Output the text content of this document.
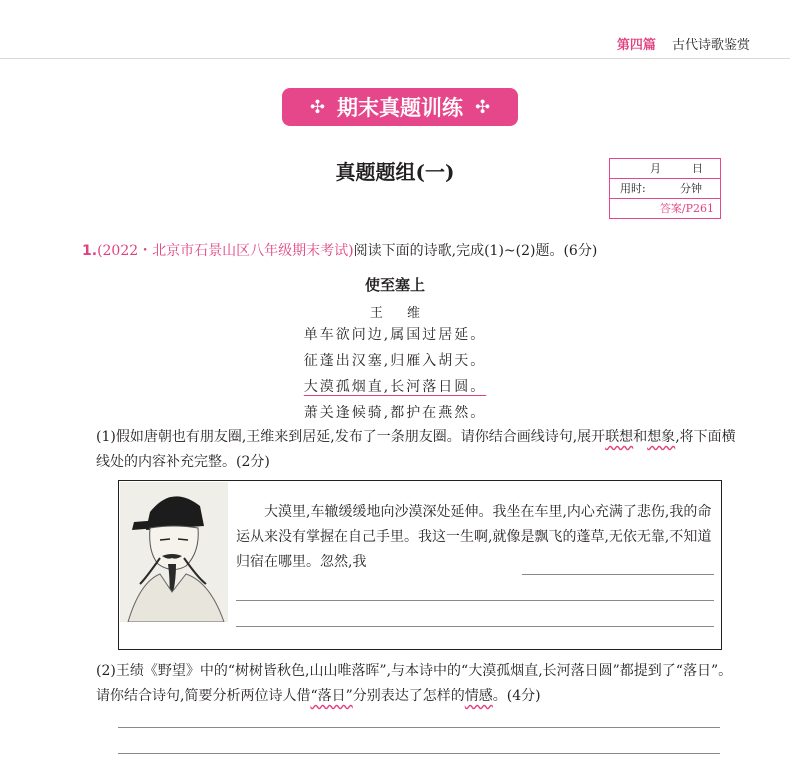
第四篇 古代诗歌鉴赏
✣ 期末真题训练 ✣
真题题组(一)	月	日
用时:	分钟
答案/P261
1.(2022・北京市石景山区八年级期末考试)阅读下面的诗歌,完成(1)~(2)题。(6分)
使至塞上
王 维
单车欲问边,属国过居延。
征蓬出汉塞,归雁入胡天。
大漠孤烟直,长河落日圆。
萧关逢候骑,都护在燕然。
(1)假如唐朝也有朋友圈,王维来到居延,发布了一条朋友圈。请你结合画线诗句,展开联想和想象,将下面横线处的内容补充完整。(2分)
大漠里,车辙缓缓地向沙漠深处延伸。我坐在车里,内心充满了悲伤,我的命运从来没有掌握在自己手里。我这一生啊,就像是飘飞的蓬草,无依无靠,不知道归宿在哪里。忽然,我
(2)王绩《野望》中的“树树皆秋色,山山唯落晖”,与本诗中的“大漠孤烟直,长河落日圆”都提到了“落日”。请你结合诗句,简要分析两位诗人借“落日”分别表达了怎样的情感。(4分)
